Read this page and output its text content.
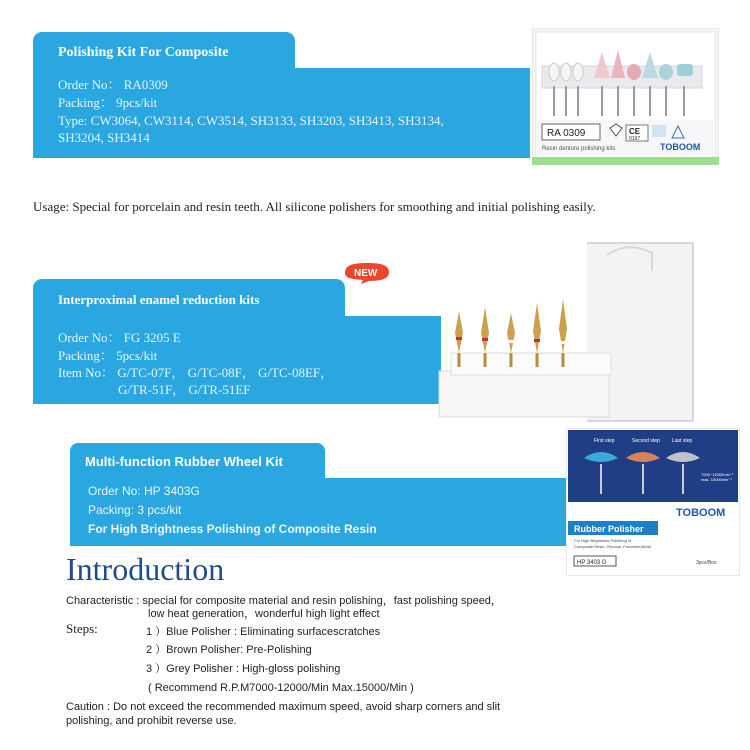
Polishing Kit For Composite
Order No： RA0309
Packing： 9pcs/kit
Type: CW3064, CW3114, CW3514, SH3133, SH3203, SH3413, SH3134,
SH3204, SH3414	RA 0309	CE
0197
Resin denture polishing kits	TOBOOM
Usage: Special for porcelain and resin teeth. All silicone polishers for smoothing and initial polishing easily.
Interproximal enamel reduction kits
NEW
Order No： FG 3205 E
Packing： 5pcs/kit
Item No： G/TC-07F， G/TC-08F， G/TC-08EF，
G/TR-51F， G/TR-51EF
Multi-function Rubber Wheel Kit
Order No: HP 3403G
Packing: 3 pcs/kit
For High Brightness Polishing of Composite Resin
First step	Second step Last step
7000~12000min⁻¹
max. 15000min⁻¹
TOBOOM
Rubber Polisher
For High Brightness Polishing of
Composite Resin, Zirconia, Porcelain,Metal
HP 3403 G	3pcs/Box
Introduction
Characteristic : special for composite material and resin polishing，fast polishing speed，
low heat generation，wonderful high light effect
Steps:	1 ）Blue Polisher : Eliminating surfacescratches
2 ）Brown Polisher: Pre-Polishing
3 ）Grey Polisher : High-gloss polishing
( Recommend R.P.M7000-12000/Min Max.15000/Min )
Caution : Do not exceed the recommended maximum speed, avoid sharp corners and slit
polishing, and prohibit reverse use.
